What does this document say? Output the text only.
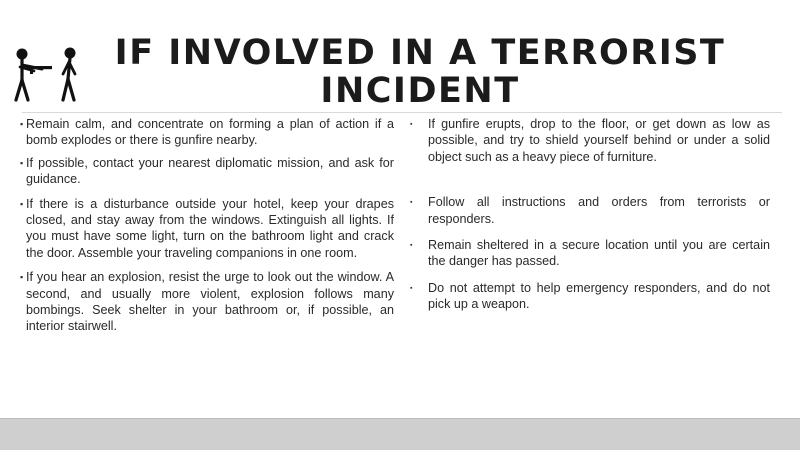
IF INVOLVED IN A TERRORIST INCIDENT

▪ Remain calm, and concentrate on forming a plan of action if a bomb explodes or there is gunfire nearby.

▪ If possible, contact your nearest diplomatic mission, and ask for guidance.

▪ If there is a disturbance outside your hotel, keep your drapes closed, and stay away from the windows. Extinguish all lights. If you must have some light, turn on the bathroom light and crack the door. Assemble your traveling companions in one room.

▪ If you hear an explosion, resist the urge to look out the window. A second, and usually more violent, explosion follows many bombings. Seek shelter in your bathroom or, if possible, an interior stairwell.

▪ If gunfire erupts, drop to the floor, or get down as low as possible, and try to shield yourself behind or under a solid object such as a heavy piece of furniture.

▪ Follow all instructions and orders from terrorists or responders.

▪ Remain sheltered in a secure location until you are certain the danger has passed.

▪ Do not attempt to help emergency responders, and do not pick up a weapon.
